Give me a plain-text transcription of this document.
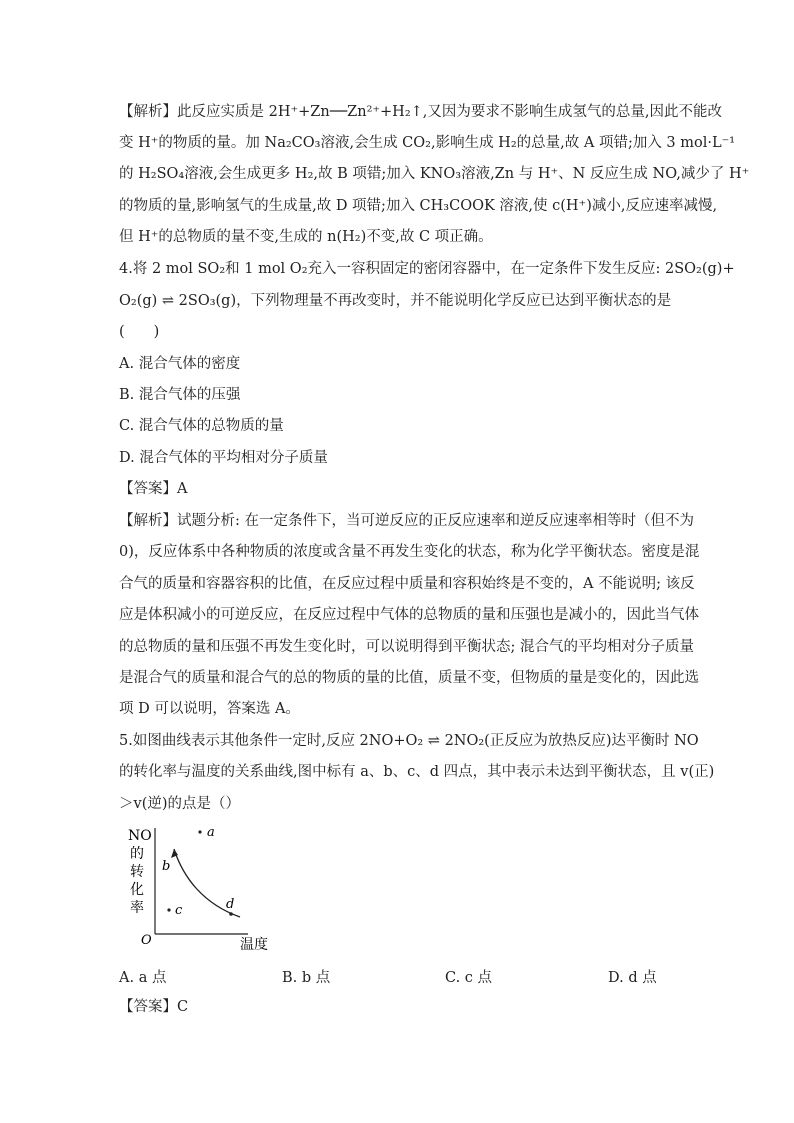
【解析】此反应实质是 2H⁺+Zn──Zn²⁺+H₂↑,又因为要求不影响生成氢气的总量,因此不能改
变 H⁺的物质的量。加 Na₂CO₃溶液,会生成 CO₂,影响生成 H₂的总量,故 A 项错;加入 3 mol·L⁻¹
的 H₂SO₄溶液,会生成更多 H₂,故 B 项错;加入 KNO₃溶液,Zn 与 H⁺、N 反应生成 NO,减少了 H⁺
的物质的量,影响氢气的生成量,故 D 项错;加入 CH₃COOK 溶液,使 c(H⁺)减小,反应速率减慢,
但 H⁺的总物质的量不变,生成的 n(H₂)不变,故 C 项正确。
4.将 2 mol SO₂和 1 mol O₂充入一容积固定的密闭容器中，在一定条件下发生反应: 2SO₂(g)+
O₂(g) ⇌ 2SO₃(g)，下列物理量不再改变时，并不能说明化学反应已达到平衡状态的是
(　　)
A. 混合气体的密度
B. 混合气体的压强
C. 混合气体的总物质的量
D. 混合气体的平均相对分子质量
【答案】A
【解析】试题分析: 在一定条件下，当可逆反应的正反应速率和逆反应速率相等时（但不为
0)，反应体系中各种物质的浓度或含量不再发生变化的状态，称为化学平衡状态。密度是混
合气的质量和容器容积的比值，在反应过程中质量和容积始终是不变的，A 不能说明; 该反
应是体积减小的可逆反应，在反应过程中气体的总物质的量和压强也是减小的，因此当气体
的总物质的量和压强不再发生变化时，可以说明得到平衡状态; 混合气的平均相对分子质量
是混合气的质量和混合气的总的物质的量的比值，质量不变，但物质的量是变化的，因此选
项 D 可以说明，答案选 A。
5.如图曲线表示其他条件一定时,反应 2NO+O₂ ⇌ 2NO₂(正反应为放热反应)达平衡时 NO
的转化率与温度的关系曲线,图中标有 a、b、c、d 四点，其中表示未达到平衡状态，且 v(正)
＞v(逆)的点是（）
NO
的
转
化
率
O	温度
a
b
c	d
A. a 点	B. b 点	C. c 点	D. d 点
【答案】C
